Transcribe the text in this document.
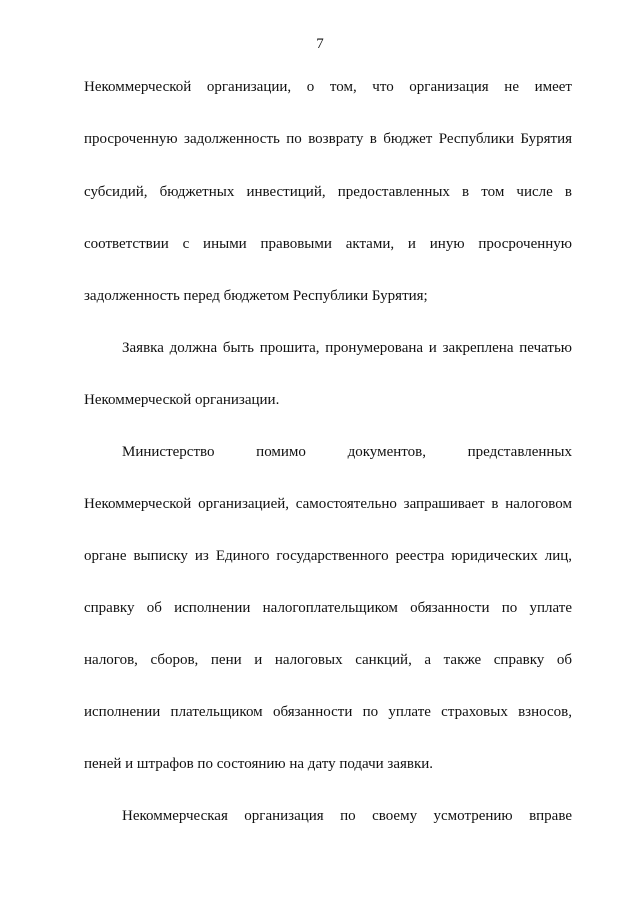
7
Некоммерческой организации, о том, что организация не имеет
просроченную задолженность по возврату в бюджет Республики Бурятия
субсидий, бюджетных инвестиций, предоставленных в том числе в
соответствии с иными правовыми актами, и иную просроченную
задолженность перед бюджетом Республики Бурятия;
Заявка должна быть прошита, пронумерована и закреплена печатью
Некоммерческой организации.
Министерство помимо документов, представленных
Некоммерческой организацией, самостоятельно запрашивает в налоговом
органе выписку из Единого государственного реестра юридических лиц,
справку об исполнении налогоплательщиком обязанности по уплате
налогов, сборов, пени и налоговых санкций, а также справку об
исполнении плательщиком обязанности по уплате страховых взносов,
пеней и штрафов по состоянию на дату подачи заявки.
Некоммерческая организация по своему усмотрению вправе
